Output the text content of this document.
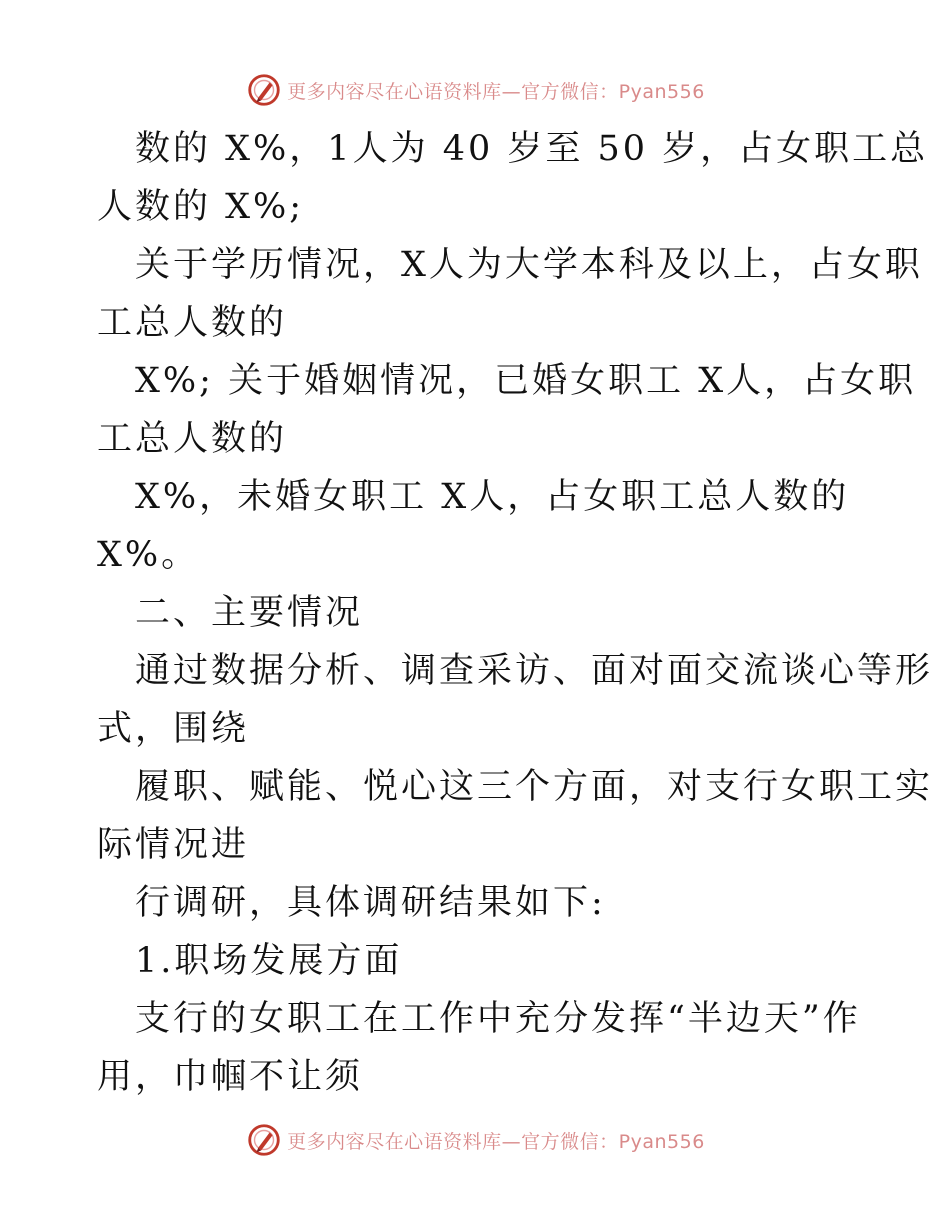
更多内容尽在心语资料库—官方微信：Pyan556
数的 X%，1人为 40 岁至 50 岁，占女职工总
人数的 X%;
关于学历情况，X人为大学本科及以上，占女职
工总人数的
X%; 关于婚姻情况，已婚女职工 X人，占女职
工总人数的
X%，未婚女职工 X人，占女职工总人数的
X%。
二、主要情况
通过数据分析、调查采访、面对面交流谈心等形
式，围绕
履职、赋能、悦心这三个方面，对支行女职工实
际情况进
行调研，具体调研结果如下:
1.职场发展方面
支行的女职工在工作中充分发挥“半边天”作
用，巾帼不让须
更多内容尽在心语资料库—官方微信：Pyan556
